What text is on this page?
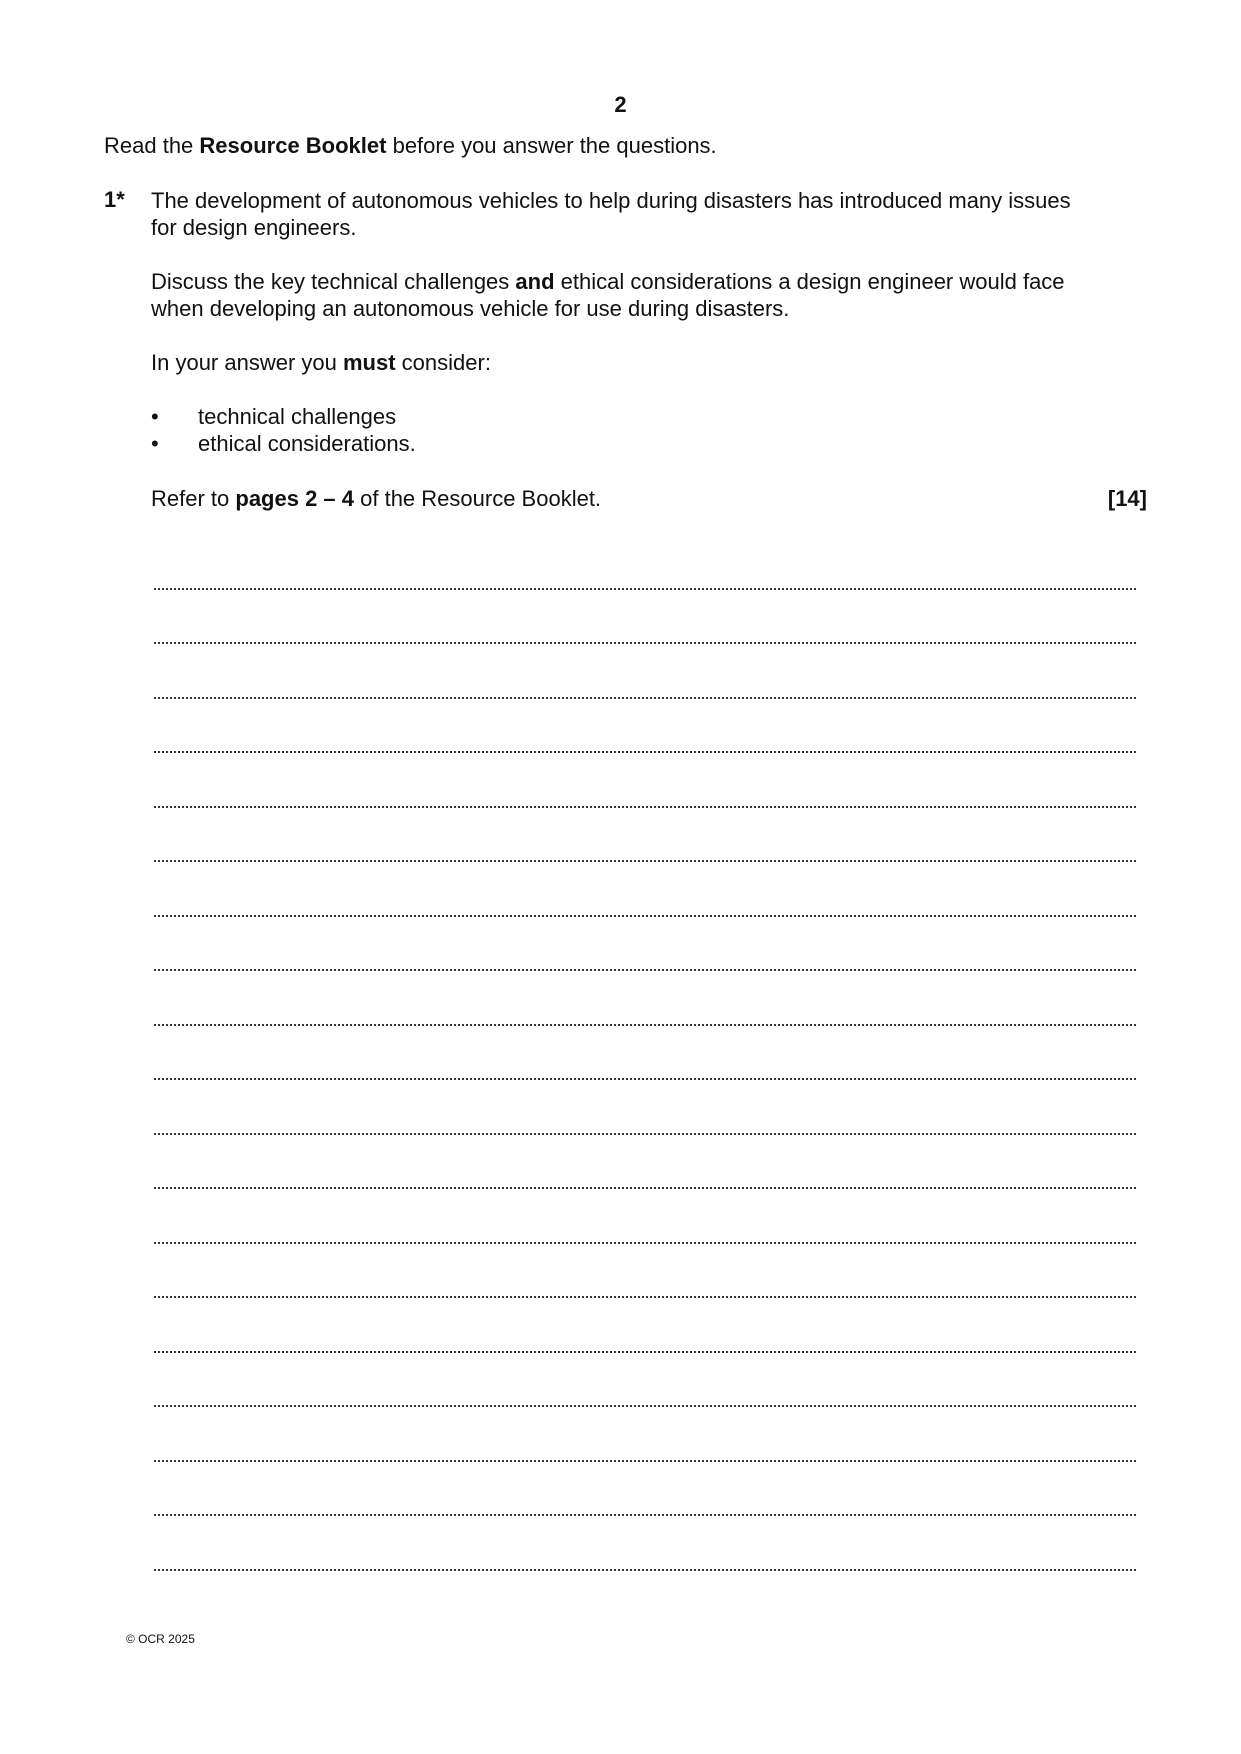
2
Read the Resource Booklet before you answer the questions.
1* The development of autonomous vehicles to help during disasters has introduced many issues
for design engineers.
Discuss the key technical challenges and ethical considerations a design engineer would face
when developing an autonomous vehicle for use during disasters.
In your answer you must consider:
• technical challenges
• ethical considerations.
Refer to pages 2 – 4 of the Resource Booklet.	[14]
© OCR 2025
